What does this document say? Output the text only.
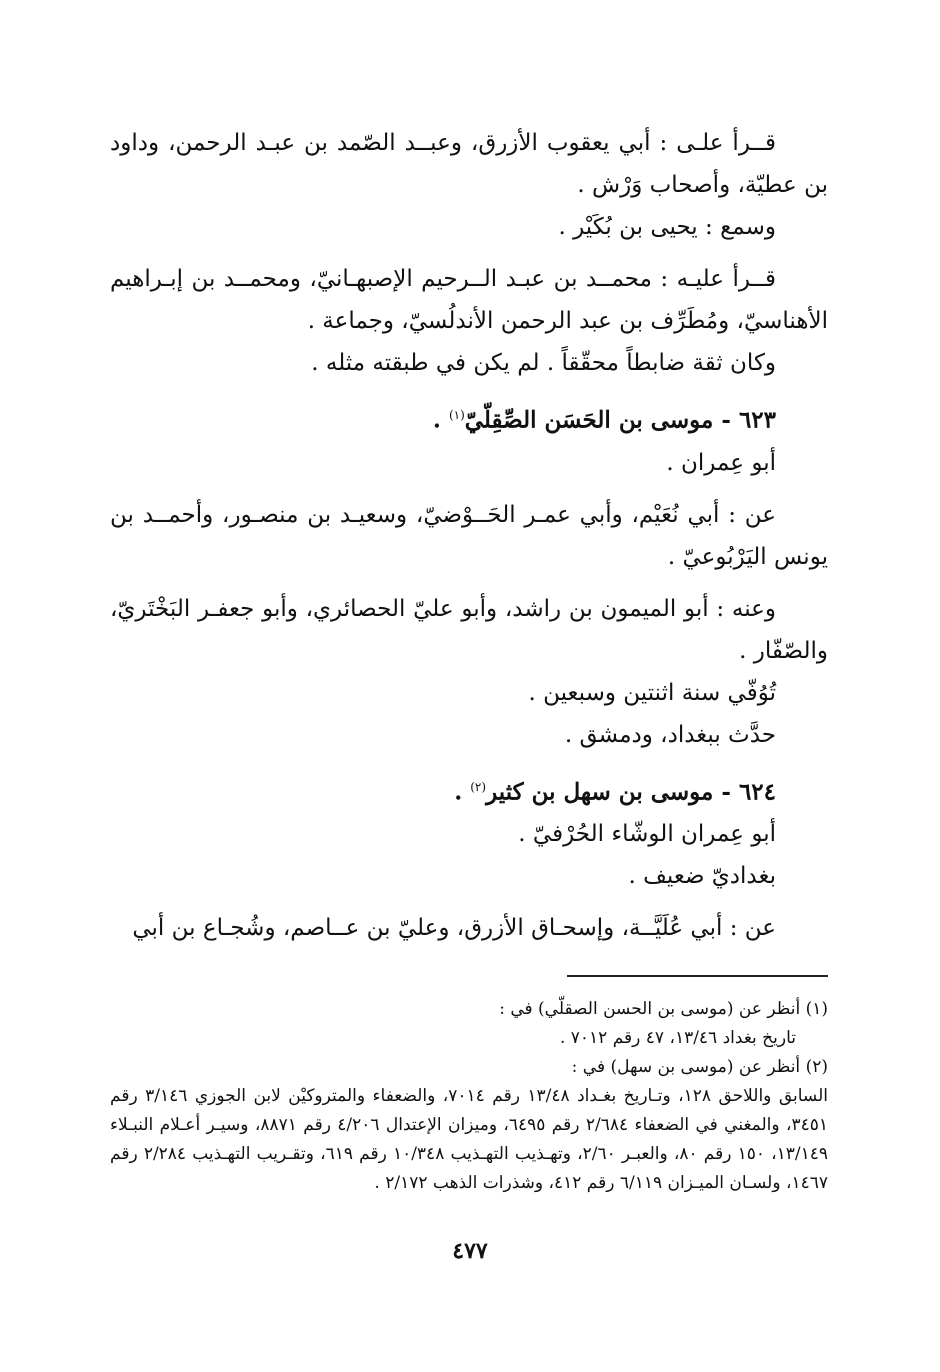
قــرأ علـى : أبي يعقوب الأزرق، وعبــد الصّمد بن عبـد الرحمن، وداود بن عطيّة، وأصحاب وَرْش .

وسمع : يحيى بن بُكَيْر .

قــرأ عليـه : محمــد بن عبـد الــرحيم الإصبهـانيّ، ومحمــد بن إبـراهيم الأهناسيّ، ومُطَرِّف بن عبد الرحمن الأندلُسيّ، وجماعة .

وكان ثقة ضابطاً محقّقاً . لم يكن في طبقته مثله .

٦٢٣ - موسى بن الحَسَن الصِّقِلّيّ$^{(١)}$ .

أبو عِمران .

عن : أبي نُعَيْم، وأبي عمـر الحَــوْضيّ، وسعيـد بن منصـور، وأحمــد بن يونس اليَرْبُوعيّ .

وعنه : أبو الميمون بن راشد، وأبو عليّ الحصائري، وأبو جعفـر البَخْتَريّ، والصّفّار .

تُوُفّي سنة اثنتين وسبعين .

حدَّث ببغداد، ودمشق .

٦٢٤ - موسى بن سهل بن كثير$^{(٢)}$ .

أبو عِمران الوشّاء الحُرْفيّ .

بغداديّ ضعيف .

عن : أبي عُلَيَّــة، وإسحـاق الأزرق، وعليّ بن عــاصم، وشُجـاع بن أبي

(١) أنظر عن (موسى بن الحسن الصقلّي) في :

تاريخ بغداد ١٣/٤٦، ٤٧ رقم ٧٠١٢ .

(٢) أنظر عن (موسى بن سهل) في :

السابق واللاحق ١٢٨، وتـاريخ بغـداد ١٣/٤٨ رقم ٧٠١٤، والضعفاء والمتروكيْن لابن الجوزي ٣/١٤٦ رقم ٣٤٥١، والمغني في الضعفاء ٢/٦٨٤ رقم ٦٤٩٥، وميزان الإعتدال ٤/٢٠٦ رقم ٨٨٧١، وسيـر أعـلام النبـلاء ١٣/١٤٩، ١٥٠ رقم ٨٠، والعبـر ٢/٦٠، وتهـذيب التهـذيب ١٠/٣٤٨ رقم ٦١٩، وتقـريب التهـذيب ٢/٢٨٤ رقم ١٤٦٧، ولسـان الميـزان ٦/١١٩ رقم ٤١٢، وشذرات الذهب ٢/١٧٢ .

٤٧٧
